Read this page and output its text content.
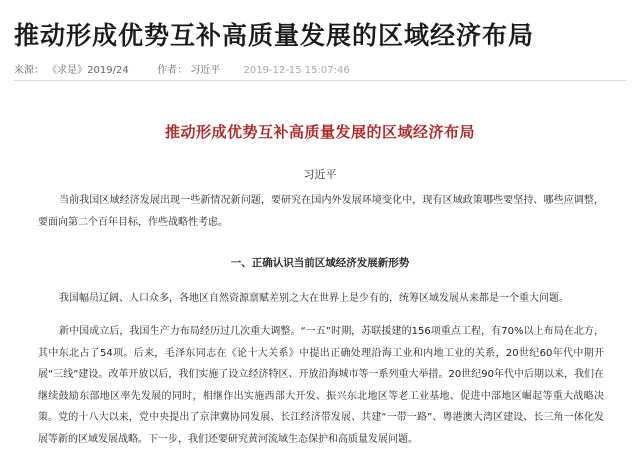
推动形成优势互补高质量发展的区域经济布局
来源： 《求是》2019/24	作者： 习近平 2019-12-15 15:07:46
推动形成优势互补高质量发展的区域经济布局
习近平

当前我国区域经济发展出现一些新情况新问题，要研究在国内外发展环境变化中，现有区域政策哪些要坚持、哪些应调整，要面向第二个百年目标，作些战略性考虑。

一、正确认识当前区域经济发展新形势

我国幅员辽阔、人口众多，各地区自然资源禀赋差别之大在世界上是少有的，统筹区域发展从来都是一个重大问题。

新中国成立后，我国生产力布局经历过几次重大调整。“一五”时期，苏联援建的156项重点工程，有70%以上布局在北方，其中东北占了54项。后来，毛泽东同志在《论十大关系》中提出正确处理沿海工业和内地工业的关系，20世纪60年代中期开展“三线”建设。改革开放以后，我们实施了设立经济特区、开放沿海城市等一系列重大举措。20世纪90年代中后期以来，我们在继续鼓励东部地区率先发展的同时，相继作出实施西部大开发、振兴东北地区等老工业基地、促进中部地区崛起等重大战略决策。党的十八大以来，党中央提出了京津冀协同发展、长江经济带发展、共建“一带一路”、粤港澳大湾区建设、长三角一体化发展等新的区域发展战略。下一步，我们还要研究黄河流域生态保护和高质量发展问题。
